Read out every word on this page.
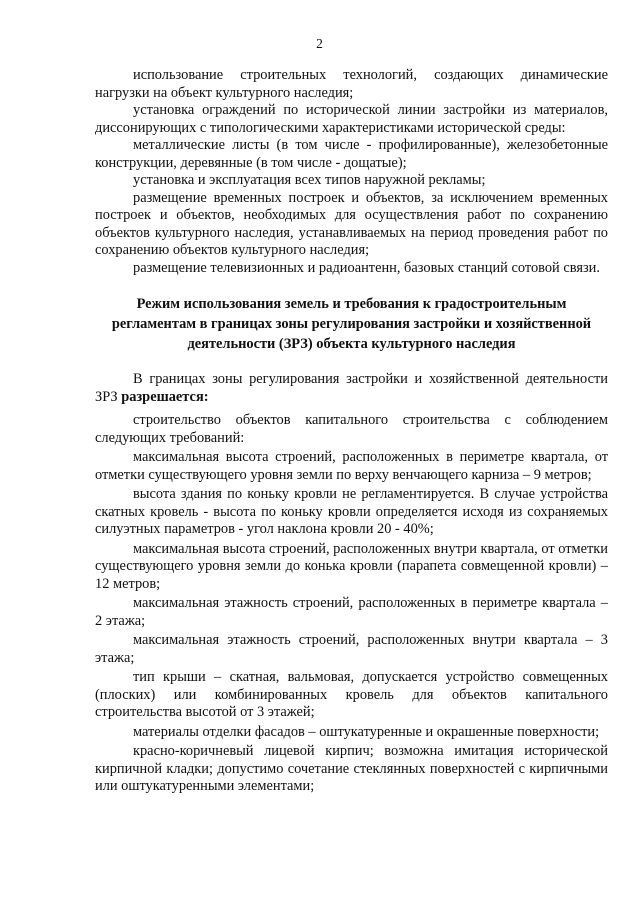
2

использование строительных технологий, создающих динамические нагрузки на объект культурного наследия;

установка ограждений по исторической линии застройки из материалов, диссонирующих с типологическими характеристиками исторической среды:

металлические листы (в том числе - профилированные), железобетонные конструкции, деревянные (в том числе - дощатые);

установка и эксплуатация всех типов наружной рекламы;

размещение временных построек и объектов, за исключением временных построек и объектов, необходимых для осуществления работ по сохранению объектов культурного наследия, устанавливаемых на период проведения работ по сохранению объектов культурного наследия;

размещение телевизионных и радиоантенн, базовых станций сотовой связи.

Режим использования земель и требования к градостроительным регламентам в границах зоны регулирования застройки и хозяйственной деятельности (ЗРЗ) объекта культурного наследия

В границах зоны регулирования застройки и хозяйственной деятельности ЗРЗ разрешается:

строительство объектов капитального строительства с соблюдением следующих требований:

максимальная высота строений, расположенных в периметре квартала, от отметки существующего уровня земли по верху венчающего карниза – 9 метров;

высота здания по коньку кровли не регламентируется. В случае устройства скатных кровель - высота по коньку кровли определяется исходя из сохраняемых силуэтных параметров - угол наклона кровли 20 - 40%;

максимальная высота строений, расположенных внутри квартала, от отметки существующего уровня земли до конька кровли (парапета совмещенной кровли) – 12 метров;

максимальная этажность строений, расположенных в периметре квартала – 2 этажа;

максимальная этажность строений, расположенных внутри квартала – 3 этажа;

тип крыши – скатная, вальмовая, допускается устройство совмещенных (плоских) или комбинированных кровель для объектов капитального строительства высотой от 3 этажей;

материалы отделки фасадов – оштукатуренные и окрашенные поверхности;

красно-коричневый лицевой кирпич; возможна имитация исторической кирпичной кладки; допустимо сочетание стеклянных поверхностей с кирпичными или оштукатуренными элементами;
